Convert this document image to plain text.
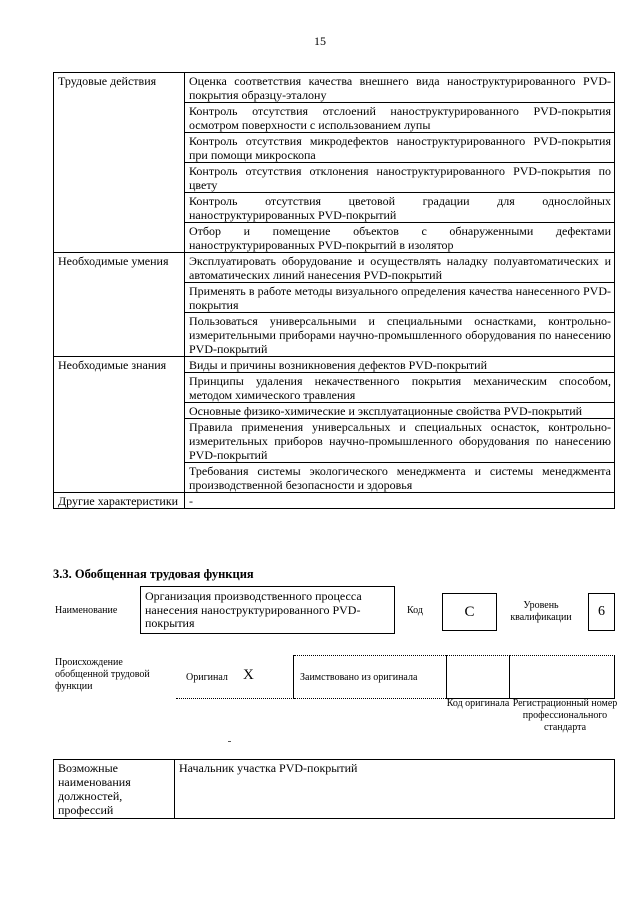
15
Трудовые действия	Оценка соответствия качества внешнего вида наноструктурированного PVD-покрытия образцу-эталону
	Контроль отсутствия отслоений наноструктурированного PVD-покрытия осмотром поверхности с использованием лупы
	Контроль отсутствия микродефектов наноструктурированного PVD-покрытия при помощи микроскопа
	Контроль отсутствия отклонения наноструктурированного PVD-покрытия по цвету
	Контроль отсутствия цветовой градации для однослойных наноструктурированных PVD-покрытий
	Отбор и помещение объектов с обнаруженными дефектами наноструктурированных PVD-покрытий в изолятор
Необходимые умения	Эксплуатировать оборудование и осуществлять наладку полуавтоматических и автоматических линий нанесения PVD-покрытий
	Применять в работе методы визуального определения качества нанесенного PVD-покрытия
	Пользоваться универсальными и специальными оснастками, контрольно-измерительными приборами научно-промышленного оборудования по нанесению PVD-покрытий
Необходимые знания	Виды и причины возникновения дефектов PVD-покрытий
	Принципы удаления некачественного покрытия механическим способом, методом химического травления
	Основные физико-химические и эксплуатационные свойства PVD-покрытий
	Правила применения универсальных и специальных оснасток, контрольно-измерительных приборов научно-промышленного оборудования по нанесению PVD-покрытий
	Требования системы экологического менеджмента и системы менеджмента производственной безопасности и здоровья
Другие характеристики	-
3.3. Обобщенная трудовая функция
Наименование
Организация производственного процесса нанесения наноструктурированного PVD-покрытия
Код	C	Уровень квалификации	6
Происхождение обобщенной трудовой функции
Оригинал X	Заимствовано из оригинала
Код оригинала Регистрационный номер профессионального стандарта
Возможные наименования должностей, профессий	Начальник участка PVD-покрытий
